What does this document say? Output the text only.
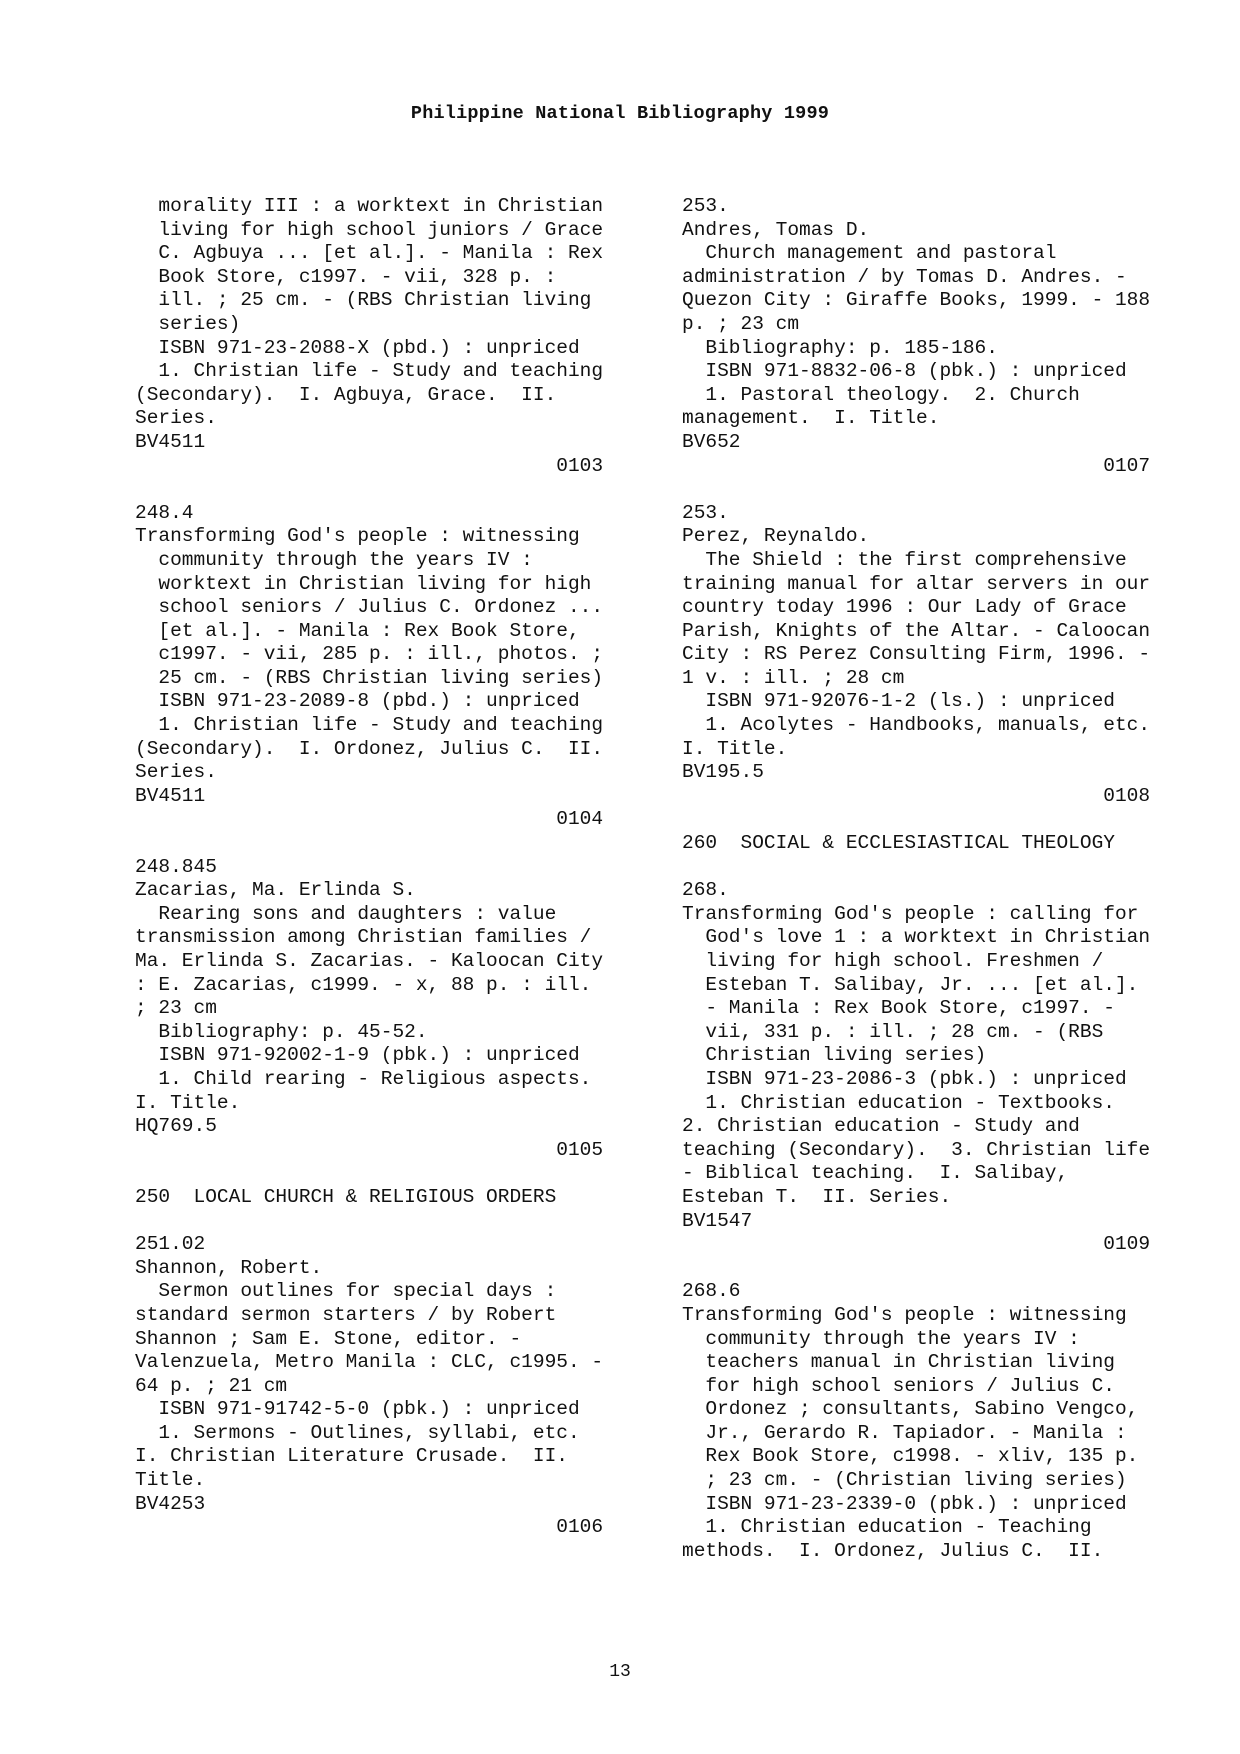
Philippine National Bibliography 1999
morality III : a worktext in Christian
living for high school juniors / Grace
C. Agbuya ... [et al.]. - Manila : Rex
Book Store, c1997. - vii, 328 p. :
ill. ; 25 cm. - (RBS Christian living
series)
ISBN 971-23-2088-X (pbd.) : unpriced
1. Christian life - Study and teaching
(Secondary).  I. Agbuya, Grace.  II.
Series.
BV4511
0103
248.4
Transforming God's people : witnessing
community through the years IV :
worktext in Christian living for high
school seniors / Julius C. Ordonez ...
[et al.]. - Manila : Rex Book Store,
c1997. - vii, 285 p. : ill., photos. ;
25 cm. - (RBS Christian living series)
ISBN 971-23-2089-8 (pbd.) : unpriced
1. Christian life - Study and teaching
(Secondary).  I. Ordonez, Julius C.  II.
Series.
BV4511
0104
248.845
Zacarias, Ma. Erlinda S.
Rearing sons and daughters : value
transmission among Christian families /
Ma. Erlinda S. Zacarias. - Kaloocan City
: E. Zacarias, c1999. - x, 88 p. : ill.
; 23 cm
Bibliography: p. 45-52.
ISBN 971-92002-1-9 (pbk.) : unpriced
1. Child rearing - Religious aspects.
I. Title.
HQ769.5
0105
250  LOCAL CHURCH & RELIGIOUS ORDERS
251.02
Shannon, Robert.
Sermon outlines for special days :
standard sermon starters / by Robert
Shannon ; Sam E. Stone, editor. -
Valenzuela, Metro Manila : CLC, c1995. -
64 p. ; 21 cm
ISBN 971-91742-5-0 (pbk.) : unpriced
1. Sermons - Outlines, syllabi, etc.
I. Christian Literature Crusade.  II.
Title.
BV4253
0106
253.
Andres, Tomas D.
Church management and pastoral
administration / by Tomas D. Andres. -
Quezon City : Giraffe Books, 1999. - 188
p. ; 23 cm
Bibliography: p. 185-186.
ISBN 971-8832-06-8 (pbk.) : unpriced
1. Pastoral theology.  2. Church
management.  I. Title.
BV652
0107
253.
Perez, Reynaldo.
The Shield : the first comprehensive
training manual for altar servers in our
country today 1996 : Our Lady of Grace
Parish, Knights of the Altar. - Caloocan
City : RS Perez Consulting Firm, 1996. -
1 v. : ill. ; 28 cm
ISBN 971-92076-1-2 (ls.) : unpriced
1. Acolytes - Handbooks, manuals, etc.
I. Title.
BV195.5
0108
260  SOCIAL & ECCLESIASTICAL THEOLOGY
268.
Transforming God's people : calling for
God's love 1 : a worktext in Christian
living for high school. Freshmen /
Esteban T. Salibay, Jr. ... [et al.].
- Manila : Rex Book Store, c1997. -
vii, 331 p. : ill. ; 28 cm. - (RBS
Christian living series)
ISBN 971-23-2086-3 (pbk.) : unpriced
1. Christian education - Textbooks.
2. Christian education - Study and
teaching (Secondary).  3. Christian life
- Biblical teaching.  I. Salibay,
Esteban T.  II. Series.
BV1547
0109
268.6
Transforming God's people : witnessing
community through the years IV :
teachers manual in Christian living
for high school seniors / Julius C.
Ordonez ; consultants, Sabino Vengco,
Jr., Gerardo R. Tapiador. - Manila :
Rex Book Store, c1998. - xliv, 135 p.
; 23 cm. - (Christian living series)
ISBN 971-23-2339-0 (pbk.) : unpriced
1. Christian education - Teaching
methods.  I. Ordonez, Julius C.  II.
13
